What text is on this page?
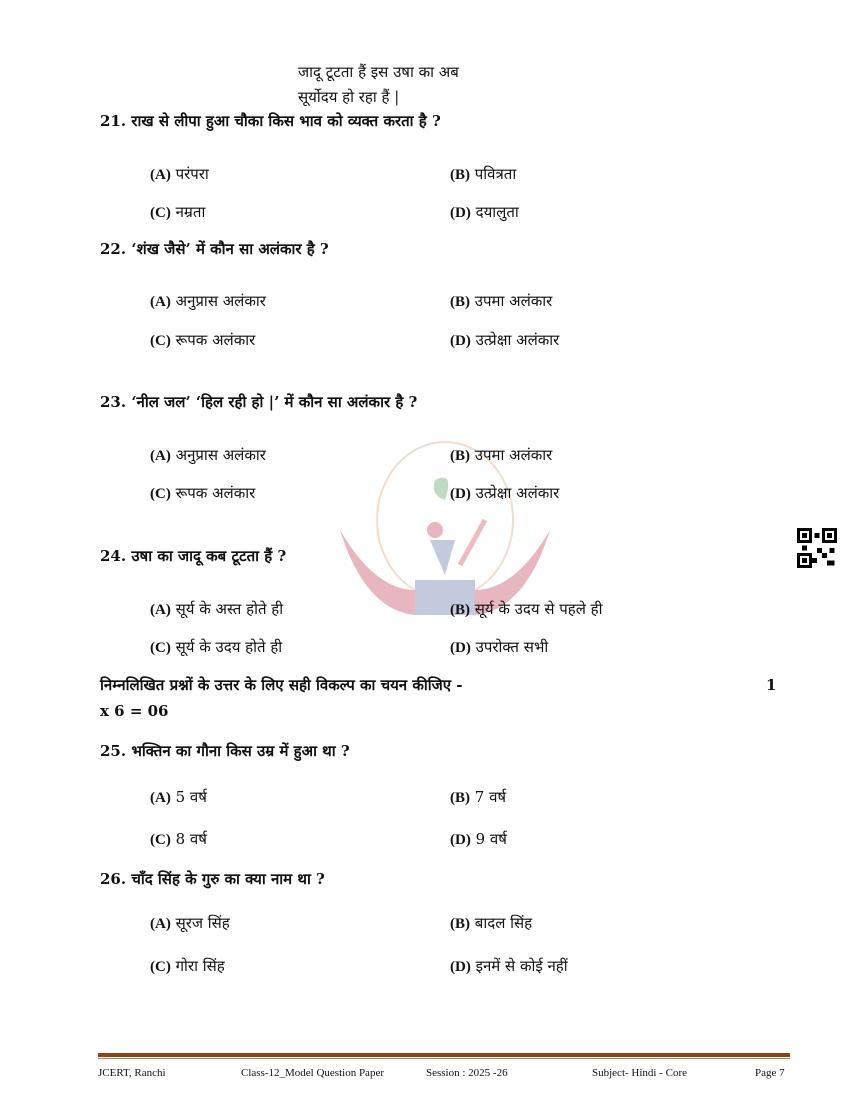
जादू टूटता हैं इस उषा का अब
सूर्योदय हो रहा हैं |
21. राख से लीपा हुआ चौका किस भाव को व्यक्त करता है ?
(A) परंपरा	(B) पवित्रता
(C) नम्रता	(D) दयालुता
22. ‘शंख जैसे’ में कौन सा अलंकार है ?
(A) अनुप्रास अलंकार	(B) उपमा अलंकार
(C) रूपक अलंकार	(D) उत्प्रेक्षा अलंकार
23. ‘नील जल’ ‘हिल रही हो |’ में कौन सा अलंकार है ?
(A) अनुप्रास अलंकार	(B) उपमा अलंकार
(C) रूपक अलंकार	(D) उत्प्रेक्षा अलंकार
24. उषा का जादू कब टूटता हैं ?
(A) सूर्य के अस्त होते ही	(B) सूर्य के उदय से पहले ही
(C) सूर्य के उदय होते ही	(D) उपरोक्त सभी
निम्नलिखित प्रश्नों के उत्तर के लिए सही विकल्प का चयन कीजिए -	1
x 6 = 06
25. भक्तिन का गौना किस उम्र में हुआ था ?
(A) 5 वर्ष	(B) 7 वर्ष
(C) 8 वर्ष	(D) 9 वर्ष
26. चाँद सिंह के गुरु का क्या नाम था ?
(A) सूरज सिंह	(B) बादल सिंह
(C) गोरा सिंह	(D) इनमें से कोई नहीं
JCERT, Ranchi	Class-12_Model Question Paper	Session : 2025 -26	Subject- Hindi - Core	Page 7
